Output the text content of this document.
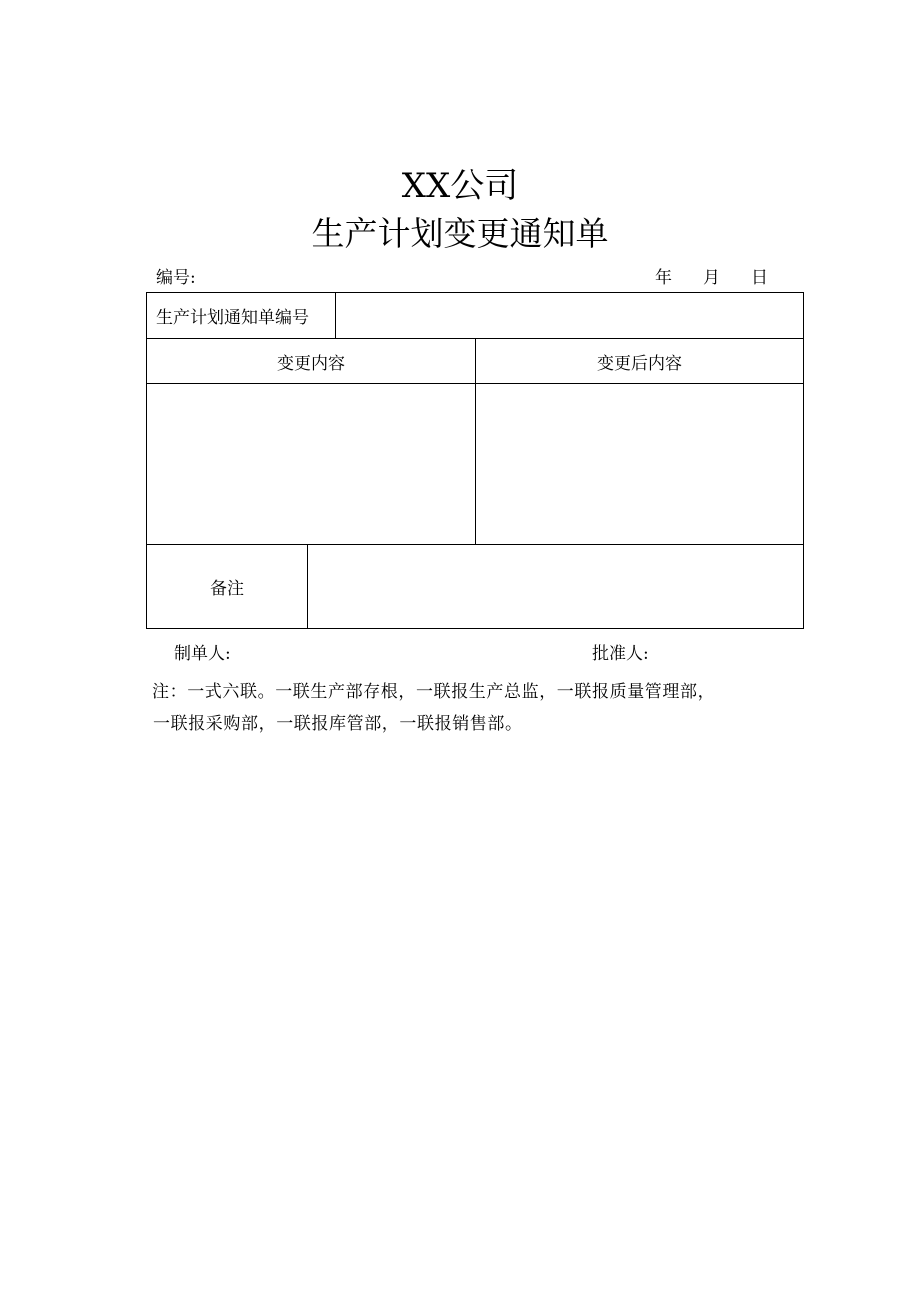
XX公司
生产计划变更通知单
编号:	年 月 日
生产计划通知单编号
变更内容	变更后内容
备注
制单人:	批准人:
注：一式六联。一联生产部存根，一联报生产总监，一联报质量管理部，
一联报采购部，一联报库管部，一联报销售部。
